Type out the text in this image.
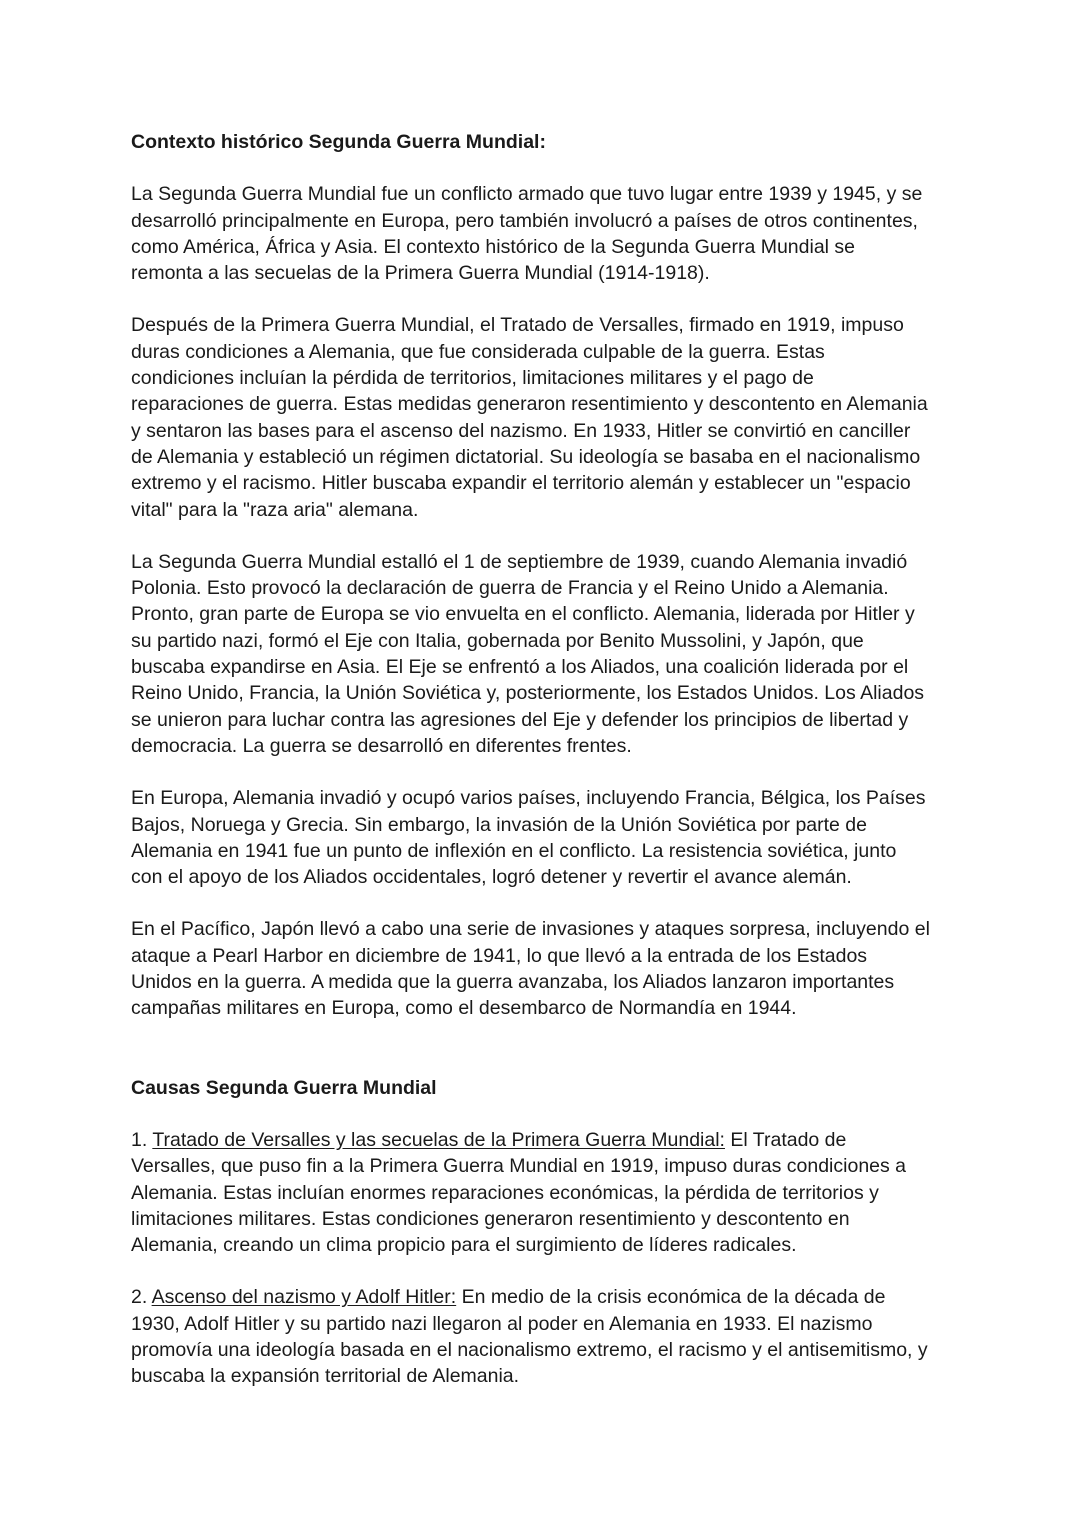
Contexto histórico Segunda Guerra Mundial:

La Segunda Guerra Mundial fue un conflicto armado que tuvo lugar entre 1939 y 1945, y se
desarrolló principalmente en Europa, pero también involucró a países de otros continentes,
como América, África y Asia. El contexto histórico de la Segunda Guerra Mundial se
remonta a las secuelas de la Primera Guerra Mundial (1914-1918).

Después de la Primera Guerra Mundial, el Tratado de Versalles, firmado en 1919, impuso
duras condiciones a Alemania, que fue considerada culpable de la guerra. Estas
condiciones incluían la pérdida de territorios, limitaciones militares y el pago de
reparaciones de guerra. Estas medidas generaron resentimiento y descontento en Alemania
y sentaron las bases para el ascenso del nazismo. En 1933, Hitler se convirtió en canciller
de Alemania y estableció un régimen dictatorial. Su ideología se basaba en el nacionalismo
extremo y el racismo. Hitler buscaba expandir el territorio alemán y establecer un "espacio
vital" para la "raza aria" alemana.

La Segunda Guerra Mundial estalló el 1 de septiembre de 1939, cuando Alemania invadió
Polonia. Esto provocó la declaración de guerra de Francia y el Reino Unido a Alemania.
Pronto, gran parte de Europa se vio envuelta en el conflicto. Alemania, liderada por Hitler y
su partido nazi, formó el Eje con Italia, gobernada por Benito Mussolini, y Japón, que
buscaba expandirse en Asia. El Eje se enfrentó a los Aliados, una coalición liderada por el
Reino Unido, Francia, la Unión Soviética y, posteriormente, los Estados Unidos. Los Aliados
se unieron para luchar contra las agresiones del Eje y defender los principios de libertad y
democracia. La guerra se desarrolló en diferentes frentes.

En Europa, Alemania invadió y ocupó varios países, incluyendo Francia, Bélgica, los Países
Bajos, Noruega y Grecia. Sin embargo, la invasión de la Unión Soviética por parte de
Alemania en 1941 fue un punto de inflexión en el conflicto. La resistencia soviética, junto
con el apoyo de los Aliados occidentales, logró detener y revertir el avance alemán.

En el Pacífico, Japón llevó a cabo una serie de invasiones y ataques sorpresa, incluyendo el
ataque a Pearl Harbor en diciembre de 1941, lo que llevó a la entrada de los Estados
Unidos en la guerra. A medida que la guerra avanzaba, los Aliados lanzaron importantes
campañas militares en Europa, como el desembarco de Normandía en 1944.

Causas Segunda Guerra Mundial

1. Tratado de Versalles y las secuelas de la Primera Guerra Mundial: El Tratado de
Versalles, que puso fin a la Primera Guerra Mundial en 1919, impuso duras condiciones a
Alemania. Estas incluían enormes reparaciones económicas, la pérdida de territorios y
limitaciones militares. Estas condiciones generaron resentimiento y descontento en
Alemania, creando un clima propicio para el surgimiento de líderes radicales.

2. Ascenso del nazismo y Adolf Hitler: En medio de la crisis económica de la década de
1930, Adolf Hitler y su partido nazi llegaron al poder en Alemania en 1933. El nazismo
promovía una ideología basada en el nacionalismo extremo, el racismo y el antisemitismo, y
buscaba la expansión territorial de Alemania.
